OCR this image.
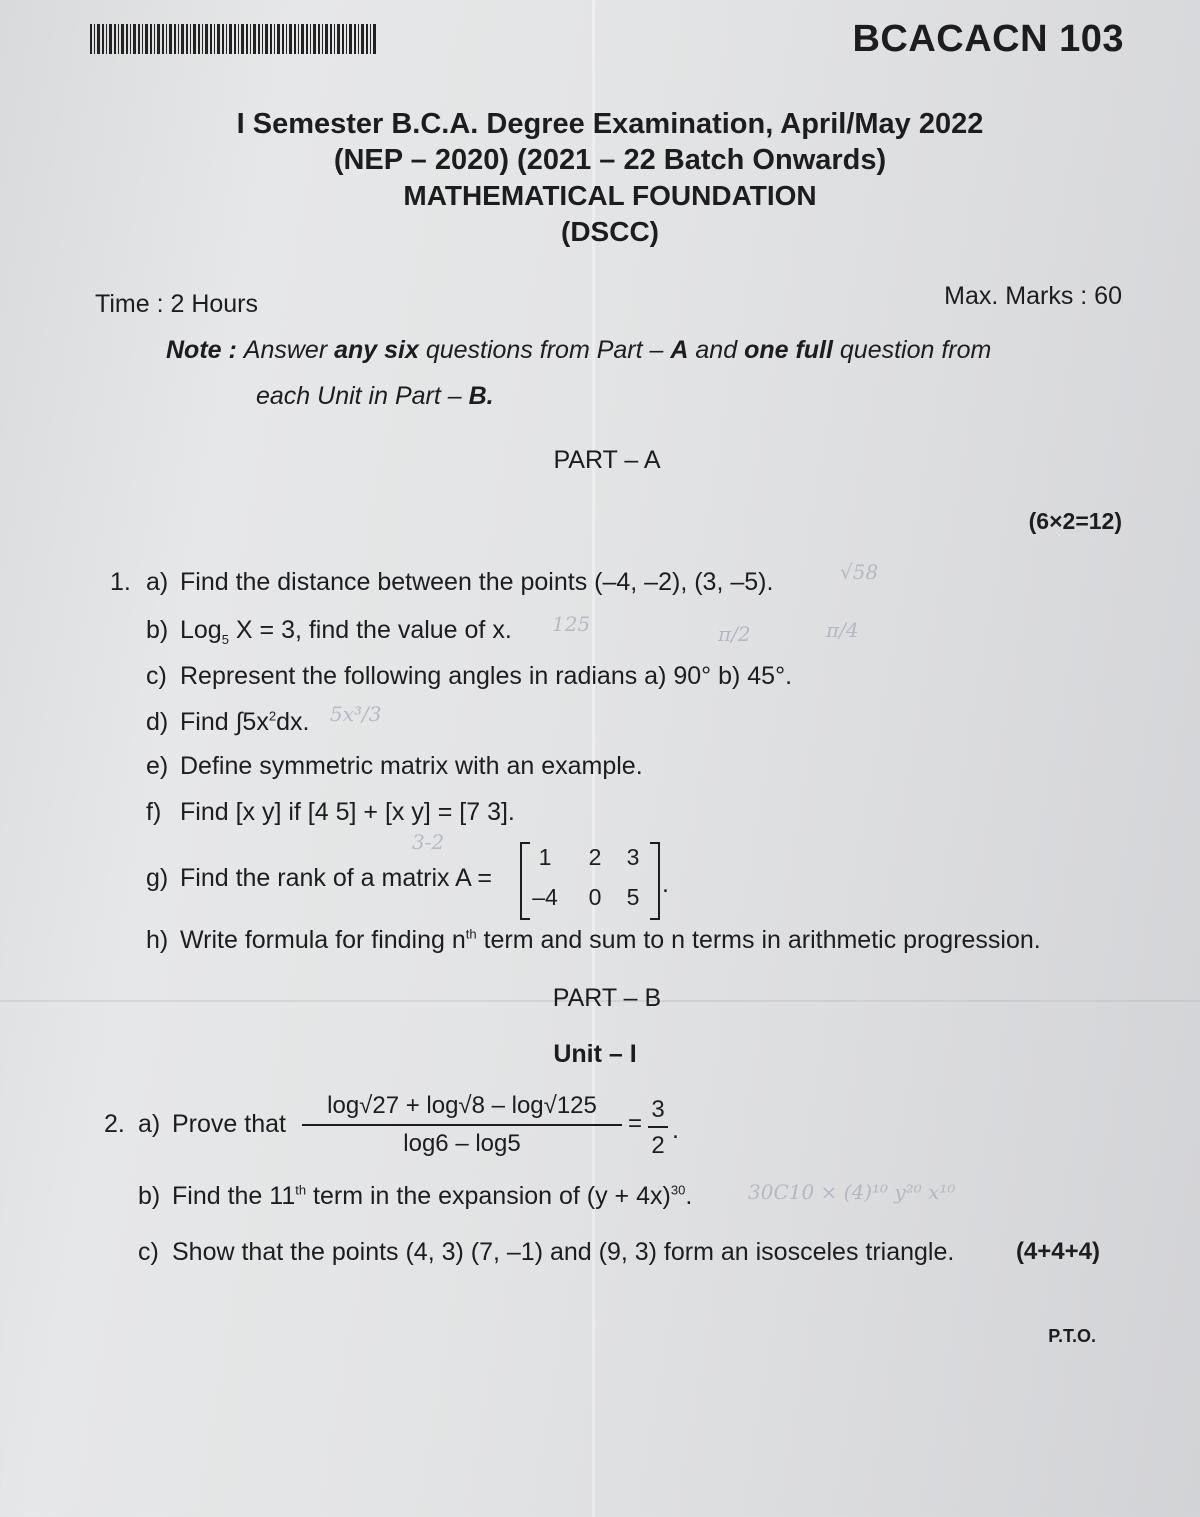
BCACACN 103
I Semester B.C.A. Degree Examination, April/May 2022
(NEP – 2020) (2021 – 22 Batch Onwards)
MATHEMATICAL FOUNDATION
(DSCC)
Time : 2 Hours	Max. Marks : 60
Note : Answer any six questions from Part – A and one full question from
each Unit in Part – B.
PART – A
(6×2=12)
1. a) Find the distance between the points (–4, –2), (3, –5).
b) Log$_5$ X = 3, find the value of x.
c) Represent the following angles in radians a) 90° b) 45°.
d) Find $\int 5x^2dx$.
e) Define symmetric matrix with an example.
f) Find [x y] if [4 5] + [x y] = [7 3].
g) Find the rank of a matrix A =
1	2	3
–4	0	5 .
h) Write formula for finding $n^{th}$ term and sum to n terms in arithmetic progression.
PART – B
Unit – I
2. a) Prove that
log√27 + log√8 – log√125
log6 – log5
=
3
2
.
b) Find the 11th term in the expansion of $(y + 4x)^{30}$.
c) Show that the points (4, 3) (7, –1) and (9, 3) form an isosceles triangle.	(4+4+4)
P.T.O.
√58
125	π/2	π/4
5x³/3
3-2
30C10 × (4)¹⁰ y²⁰ x¹⁰
